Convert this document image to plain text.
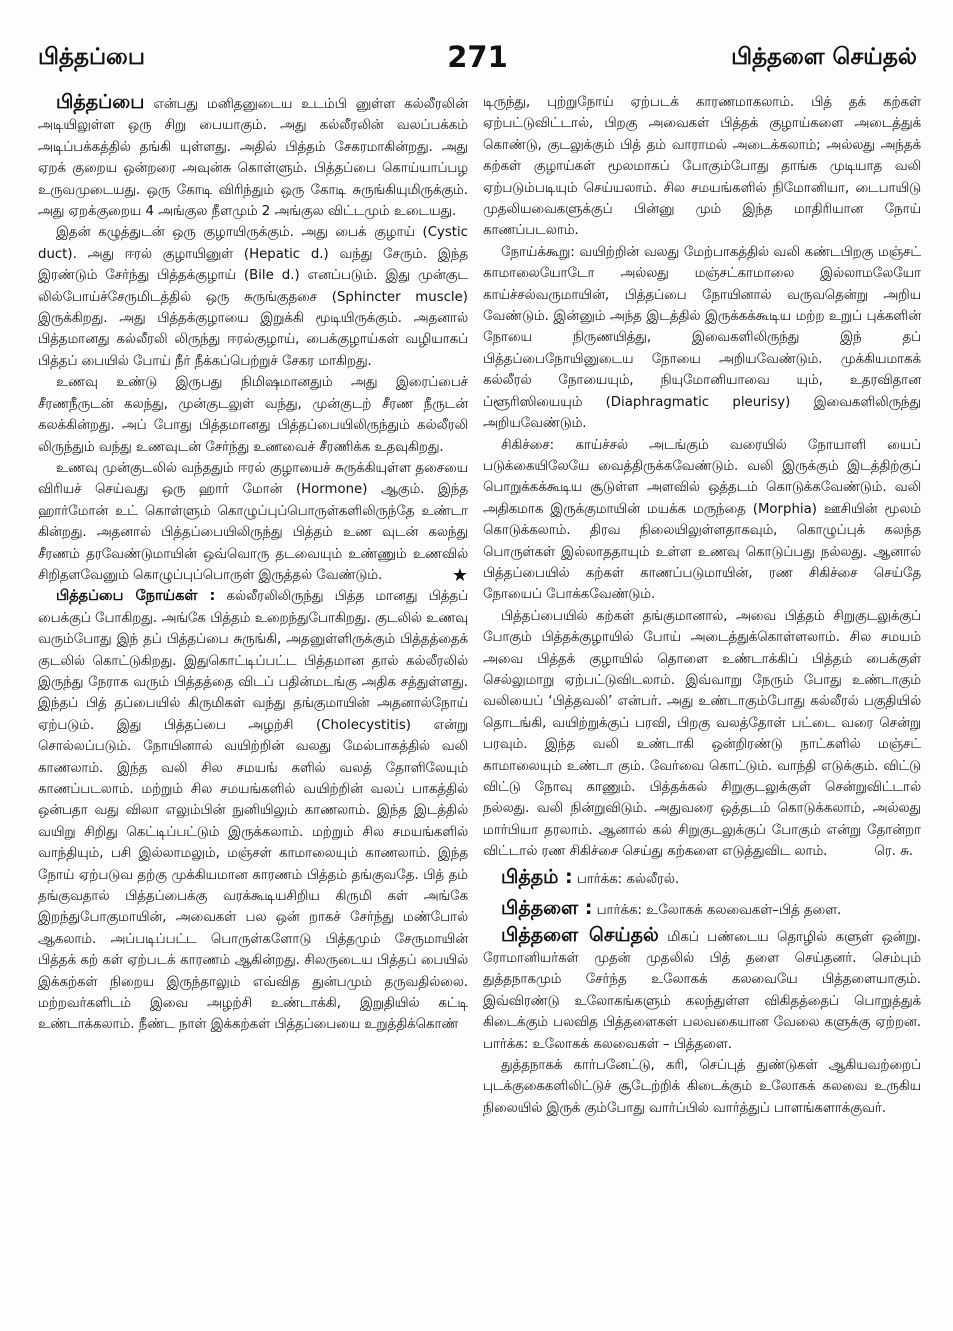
பித்தப்பை	271	பித்தளை செய்தல்

பித்தப்பை என்பது மனிதனுடைய உடம்பி னுள்ள கல்லீரலின் அடியிலுள்ள ஒரு சிறு பையாகும். அது கல்லீரலின் வலப்பக்கம் அடிப்பக்கத்தில் தங்கி யுள்ளது. அதில் பித்தம் சேகரமாகின்றது. அது ஏறக் குறைய ஒன்றரை அவுன்சு கொள்ளும். பித்தப்பை கொய்யாப்பழ உருவமுடையது. ஒரு கோடி விரிந்தும் ஒரு கோடி சுருங்கியுமிருக்கும். அது ஏறக்குறைய 4 அங்குல நீளமும் 2 அங்குல விட்டமும் உடையது.

இதன் கழுத்துடன் ஒரு குழாயிருக்கும். அது பைக் குழாய் (Cystic duct). அது ஈரல் குழாயினுள் (Hepatic d.) வந்து சேரும். இந்த இரண்டும் சேர்ந்து பித்தக்குழாய் (Bile d.) எனப்படும். இது முன்குட லில்போய்ச்சேருமிடத்தில் ஒரு சுருங்குதசை (Sphincter muscle) இருக்கிறது. அது பித்தக்குழாயை இறுக்கி மூடியிருக்கும். அதனால் பித்தமானது கல்லீரலி லிருந்து ஈரல்குழாய், பைக்குழாய்கள் வழியாகப் பித்தப் பையில் போய் நீர் நீக்கப்பெற்றுச் சேகர மாகிறது.

உணவு உண்டு இருபது நிமிஷமானதும் அது இரைப்பைச் சீரணநீருடன் கலந்து, முன்குடலுள் வந்து, முன்குடற் சீரண நீருடன் கலக்கின்றது. அப் போது பித்தமானது பித்தப்பையிலிருந்தும் கல்லீரலி லிருந்தும் வந்து உணவுடன் சேர்ந்து உணவைச் சீரணிக்க உதவுகிறது.

உணவு முன்குடலில் வந்ததும் ஈரல் குழாயைச் சுருக்கியுள்ள தசையை விரியச் செய்வது ஒரு ஹார் மோன் (Hormone) ஆகும். இந்த ஹார்மோன் உட் கொள்ளும் கொழுப்புப்பொருள்களிலிருந்தே உண்டா கின்றது. அதனால் பித்தப்பையிலிருந்து பித்தம் உண வுடன் கலந்து சீரணம் தரவேண்டுமாயின் ஒவ்வொரு தடவையும் உண்ணும் உணவில் சிறிதளவேனும் கொழுப்புப்பொருள் இருத்தல் வேண்டும்.	★

பித்தப்பை நோய்கள் : கல்லீரலிலிருந்து பித்த மானது பித்தப் பைக்குப் போகிறது. அங்கே பித்தம் உறைந்துபோகிறது. குடலில் உணவு வரும்போது இந் தப் பித்தப்பை சுருங்கி, அதனுள்ளிருக்கும் பித்தத்தைக் குடலில் கொட்டுகிறது. இதுகொட்டிப்பட்ட பித்தமான தால் கல்லீரலில் இருந்து நேராக வரும் பித்தத்தை விடப் பதின்மடங்கு அதிக சத்துள்ளது. இந்தப் பித் தப்பையில் கிருமிகள் வந்து தங்குமாயின் அதனால்நோய் ஏற்படும். இது பித்தப்பை அழற்சி (Cholecystitis) என்று சொல்லப்படும். நோயினால் வயிற்றின் வலது மேல்பாகத்தில் வலி காணலாம். இந்த வலி சில சமயங் களில் வலத் தோளிலேயும் காணப்படலாம். மற்றும் சில சமயங்களில் வயிற்றின் வலப் பாகத்தில் ஒன்பதா வது விலா எலும்பின் நுனியிலும் காணலாம். இந்த இடத்தில் வயிறு சிறிது கெட்டிப்பட்டும் இருக்கலாம். மற்றும் சில சமயங்களில் வாந்தியும், பசி இல்லாமலும், மஞ்சள் காமாலையும் காணலாம். இந்த நோய் ஏற்படுவ தற்கு முக்கியமான காரணம் பித்தம் தங்குவதே. பித் தம் தங்குவதால் பித்தப்பைக்கு வரக்கூடியசிறிய கிருமி கள் அங்கே இறந்துபோகுமாயின், அவைகள் பல ஒன் றாகச் சேர்ந்து மண்போல் ஆகலாம். அப்படிப்பட்ட பொருள்களோடு பித்தமும் சேருமாயின் பித்தக் கற் கள் ஏற்படக் காரணம் ஆகின்றது. சிலருடைய பித்தப் பையில் இக்கற்கள் நிறைய இருந்தாலும் எவ்வித துன்பமும் தருவதில்லை. மற்றவர்களிடம் இவை அழற்சி உண்டாக்கி, இறுதியில் கட்டி உண்டாக்கலாம். நீண்ட நாள் இக்கற்கள் பித்தப்பையை உறுத்திக்கொண்

டிருந்து, புற்றுநோய் ஏற்படக் காரணமாகலாம். பித் தக் கற்கள் ஏற்பட்டுவிட்டால், பிறகு அவைகள் பித்தக் குழாய்களை அடைத்துக் கொண்டு, குடலுக்கும் பித் தம் வாராமல் அடைக்கலாம்; அல்லது அந்தக் கற்கள் குழாய்கள் மூலமாகப் போகும்போது தாங்க முடியாத வலி ஏற்படும்படியும் செய்யலாம். சில சமயங்களில் நிமோனியா, டைபாயிடு முதலியவைகளுக்குப் பின்னு மும் இந்த மாதிரியான நோய் காணப்படலாம்.

நோய்க்கூறு: வயிற்றின் வலது மேற்பாகத்தில் வலி கண்டபிறகு மஞ்சட் காமாலையோடோ அல்லது மஞ்சட்காமாலை இல்லாமலேயோ காய்ச்சல்வருமாயின், பித்தப்பை நோயினால் வருவதென்று அறிய வேண்டும். இன்னும் அந்த இடத்தில் இருக்கக்கூடிய மற்ற உறுப் புக்களின் நோயை நிருணயித்து, இவைகளிலிருந்து இந் தப் பித்தப்பைநோயினுடைய நோயை அறியவேண்டும். முக்கியமாகக் கல்லீரல் நோயையும், நியுமோனியாவை யும், உதரவிதான ப்ளூரிஸியையும் (Diaphragmatic pleurisy) இவைகளிலிருந்து அறியவேண்டும்.

சிகிச்சை: காய்ச்சல் அடங்கும் வரையில் நோயாளி யைப் படுக்கையிலேயே வைத்திருக்கவேண்டும். வலி இருக்கும் இடத்திற்குப் பொறுக்கக்கூடிய சூடுள்ள அளவில் ஒத்தடம் கொடுக்கவேண்டும். வலி அதிகமாக இருக்குமாயின் மயக்க மருந்தை (Morphia) ஊசியின் மூலம் கொடுக்கலாம். திரவ நிலையிலுள்ளதாகவும், கொழுப்புக் கலந்த பொருள்கள் இல்லாததாயும் உள்ள உணவு கொடுப்பது நல்லது. ஆனால் பித்தப்பையில் கற்கள் காணப்படுமாயின், ரண சிகிச்சை செய்தே நோயைப் போக்கவேண்டும்.

பித்தப்பையில் கற்கள் தங்குமானால், அவை பித்தம் சிறுகுடலுக்குப் போகும் பித்தக்குழாயில் போய் அடைத்துக்கொள்ளலாம். சில சமயம் அவை பித்தக் குழாயில் தொளை உண்டாக்கிப் பித்தம் பைக்குள் செல்லுமாறு ஏற்பட்டுவிடலாம். இவ்வாறு நேரும் போது உண்டாகும் வலியைப் ‘பித்தவலி’ என்பர். அது உண்டாகும்போது கல்லீரல் பகுதியில் தொடங்கி, வயிற்றுக்குப் பரவி, பிறகு வலத்தோள் பட்டை வரை சென்று பரவும். இந்த வலி உண்டாகி ஒன்றிரண்டு நாட்களில் மஞ்சட் காமாலையும் உண்டா கும். வேர்வை கொட்டும். வாந்தி எடுக்கும். விட்டு விட்டு நோவு காணும். பித்தக்கல் சிறுகுடலுக்குள் சென்றுவிட்டால் நல்லது. வலி நின்றுவிடும். அதுவரை ஒத்தடம் கொடுக்கலாம், அல்லது மார்பியா தரலாம். ஆனால் கல் சிறுகுடலுக்குப் போகும் என்று தோன்றா விட்டால் ரண சிகிச்சை செய்து கற்களை எடுத்துவிட லாம்.	ரெ. சு.

பித்தம் : பார்க்க: கல்லீரல்.

பித்தளை : பார்க்க: உலோகக் கலவைகள்–பித் தளை.

பித்தளை செய்தல் மிகப் பண்டைய தொழில் களுள் ஒன்று. ரோமானியர்கள் முதன் முதலில் பித் தளை செய்தனர். செம்பும் துத்தநாகமும் சேர்ந்த உலோகக் கலவையே பித்தளையாகும். இவ்விரண்டு உலோகங்களும் கலந்துள்ள விகிதத்தைப் பொறுத்துக் கிடைக்கும் பலவித பித்தளைகள் பலவகையான வேலை களுக்கு ஏற்றன. பார்க்க: உலோகக் கலவைகள் – பித்தளை.

துத்தநாகக் கார்பனேட்டு, கரி, செப்புத் துண்டுகள் ஆகியவற்றைப் புடக்குகைகளிலிட்டுச் சூடேற்றிக் கிடைக்கும் உலோகக் கலவை உருகிய நிலையில் இருக் கும்போது வார்ப்பில் வார்த்துப் பாளங்களாக்குவர்.
